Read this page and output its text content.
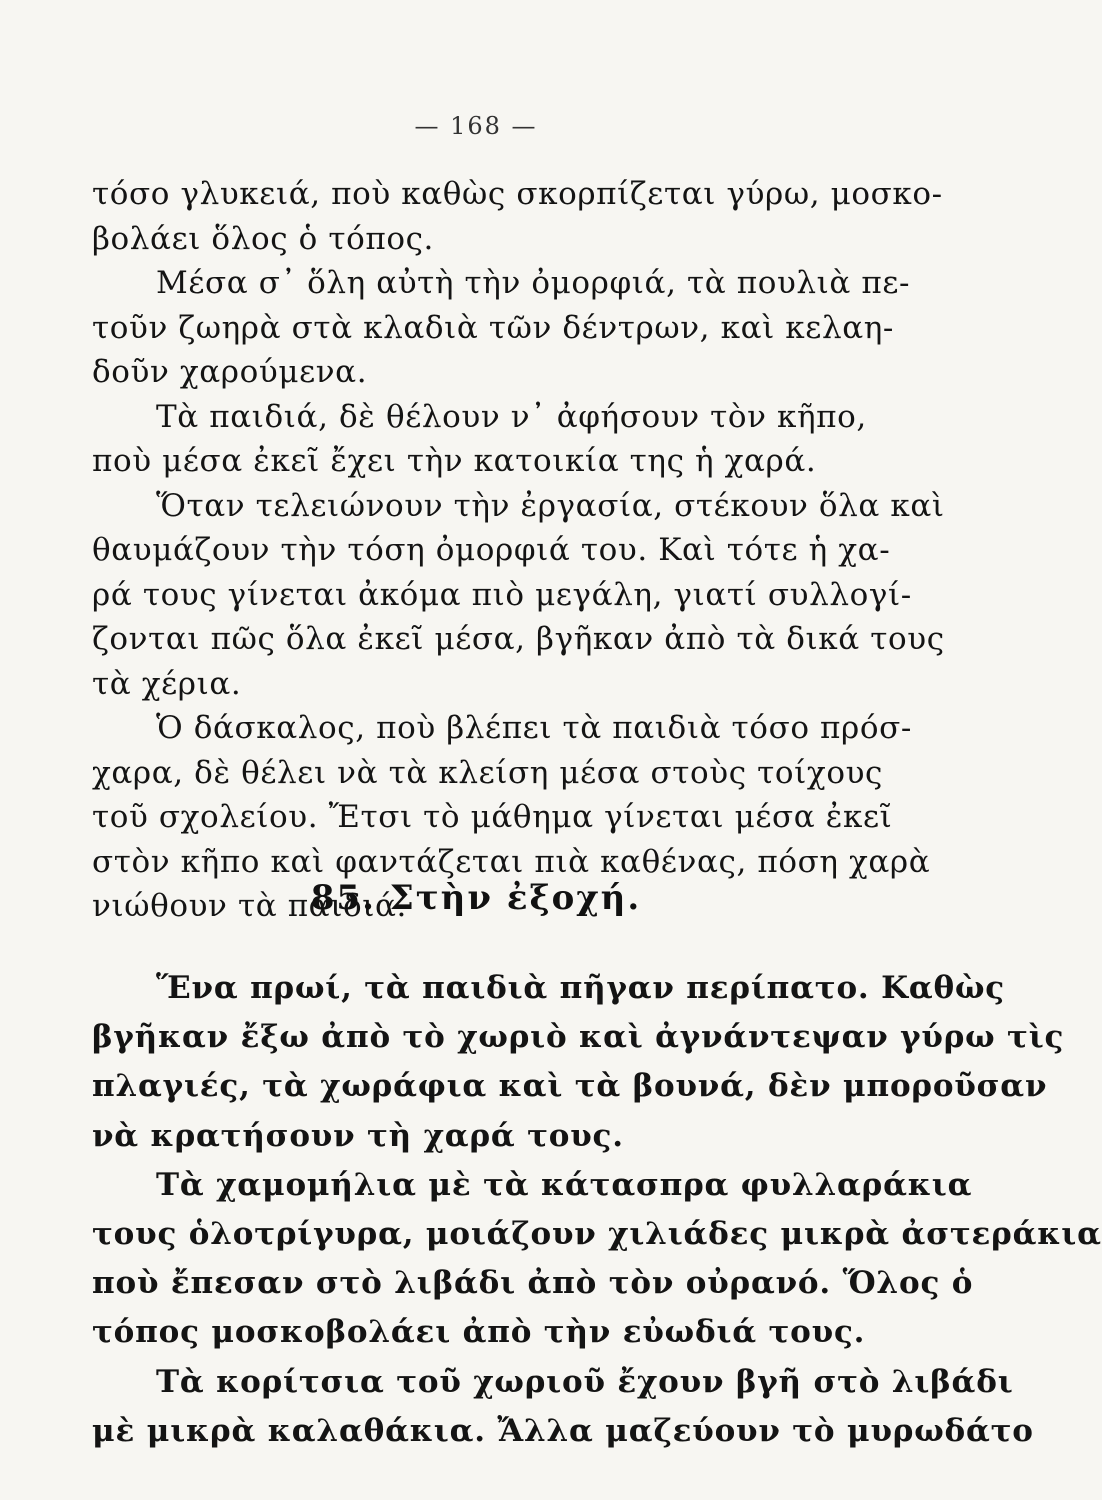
— 168 —
τόσο γλυκειά, ποὺ καθὼς σκορπίζεται γύρω, μοσκο-
βολάει ὅλος ὁ τόπος.
Μέσα σ᾽ ὅλη αὐτὴ τὴν ὀμορφιά, τὰ πουλιὰ πε-
τοῦν ζωηρὰ στὰ κλαδιὰ τῶν δέντρων, καὶ κελαη-
δοῦν χαρούμενα.
Τὰ παιδιά, δὲ θέλουν ν᾽ ἀφήσουν τὸν κῆπο,
ποὺ μέσα ἐκεῖ ἔχει τὴν κατοικία της ἡ χαρά.
Ὅταν τελειώνουν τὴν ἐργασία, στέκουν ὅλα καὶ
θαυμάζουν τὴν τόση ὀμορφιά του. Καὶ τότε ἡ χα-
ρά τους γίνεται ἀκόμα πιὸ μεγάλη, γιατί συλλογί-
ζονται πῶς ὅλα ἐκεῖ μέσα, βγῆκαν ἀπὸ τὰ δικά τους
τὰ χέρια.
Ὁ δάσκαλος, ποὺ βλέπει τὰ παιδιὰ τόσο πρόσ-
χαρα, δὲ θέλει νὰ τὰ κλείση μέσα στοὺς τοίχους
τοῦ σχολείου. Ἔτσι τὸ μάθημα γίνεται μέσα ἐκεῖ
στὸν κῆπο καὶ φαντάζεται πιὰ καθένας, πόση χαρὰ
νιώθουν τὰ παιδιά.
85. Στὴν ἐξοχή.
Ἕνα πρωί, τὰ παιδιὰ πῆγαν περίπατο. Καθὼς
βγῆκαν ἔξω ἀπὸ τὸ χωριὸ καὶ ἀγνάντεψαν γύρω τὶς
πλαγιές, τὰ χωράφια καὶ τὰ βουνά, δὲν μποροῦσαν
νὰ κρατήσουν τὴ χαρά τους.
Τὰ χαμομήλια μὲ τὰ κάτασπρα φυλλαράκια
τους ὁλοτρίγυρα, μοιάζουν χιλιάδες μικρὰ ἀστεράκια
ποὺ ἔπεσαν στὸ λιβάδι ἀπὸ τὸν οὐρανό. Ὅλος ὁ
τόπος μοσκοβολάει ἀπὸ τὴν εὐωδιά τους.
Τὰ κορίτσια τοῦ χωριοῦ ἔχουν βγῆ στὸ λιβάδι
μὲ μικρὰ καλαθάκια. Ἄλλα μαζεύουν τὸ μυρωδάτο
